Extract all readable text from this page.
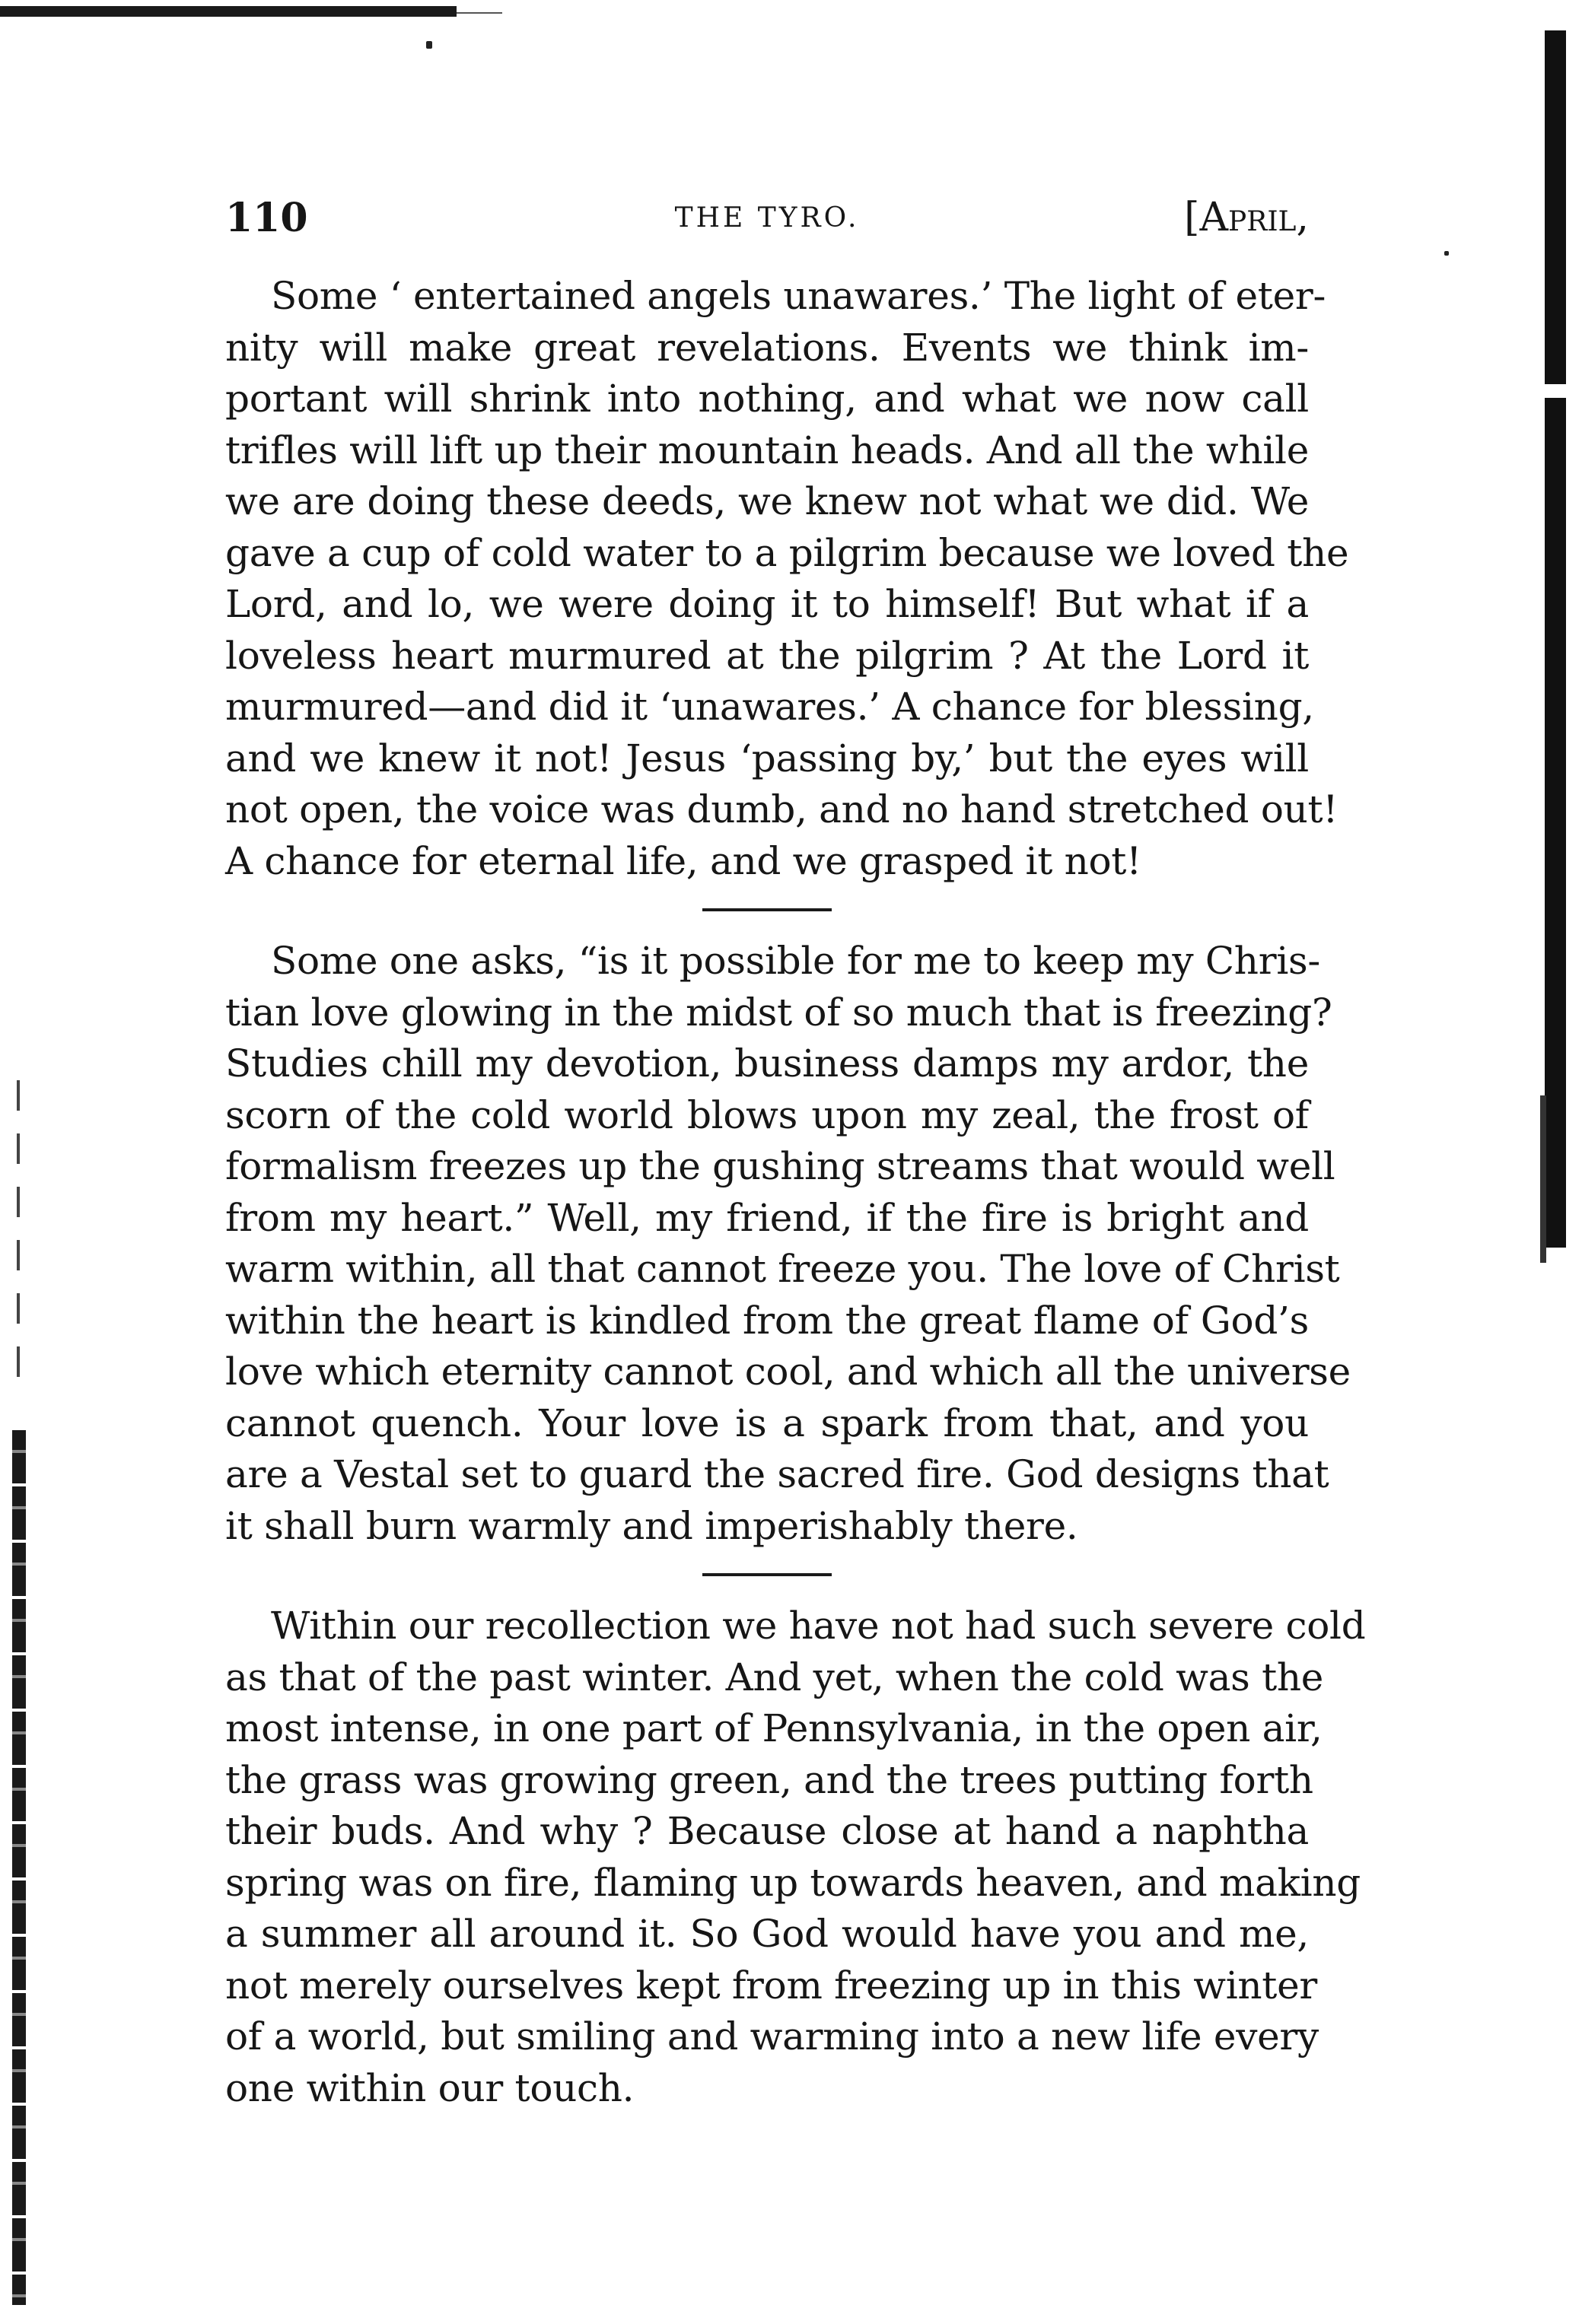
110	THE TYRO.	[April,
Some ‘ entertained angels unawares.’ The light of eter-
nity will make great revelations. Events we think im-
portant will shrink into nothing, and what we now call
trifles will lift up their mountain heads. And all the while
we are doing these deeds, we knew not what we did. We
gave a cup of cold water to a pilgrim because we loved the
Lord, and lo, we were doing it to himself! But what if a
loveless heart murmured at the pilgrim ? At the Lord it
murmured—and did it ‘unawares.’ A chance for blessing,
and we knew it not! Jesus ‘passing by,’ but the eyes will
not open, the voice was dumb, and no hand stretched out!
A chance for eternal life, and we grasped it not!
Some one asks, “is it possible for me to keep my Chris-
tian love glowing in the midst of so much that is freezing?
Studies chill my devotion, business damps my ardor, the
scorn of the cold world blows upon my zeal, the frost of
formalism freezes up the gushing streams that would well
from my heart.” Well, my friend, if the fire is bright and
warm within, all that cannot freeze you. The love of Christ
within the heart is kindled from the great flame of God’s
love which eternity cannot cool, and which all the universe
cannot quench. Your love is a spark from that, and you
are a Vestal set to guard the sacred fire. God designs that
it shall burn warmly and imperishably there.
Within our recollection we have not had such severe cold
as that of the past winter. And yet, when the cold was the
most intense, in one part of Pennsylvania, in the open air,
the grass was growing green, and the trees putting forth
their buds. And why ? Because close at hand a naphtha
spring was on fire, flaming up towards heaven, and making
a summer all around it. So God would have you and me,
not merely ourselves kept from freezing up in this winter
of a world, but smiling and warming into a new life every
one within our touch.
